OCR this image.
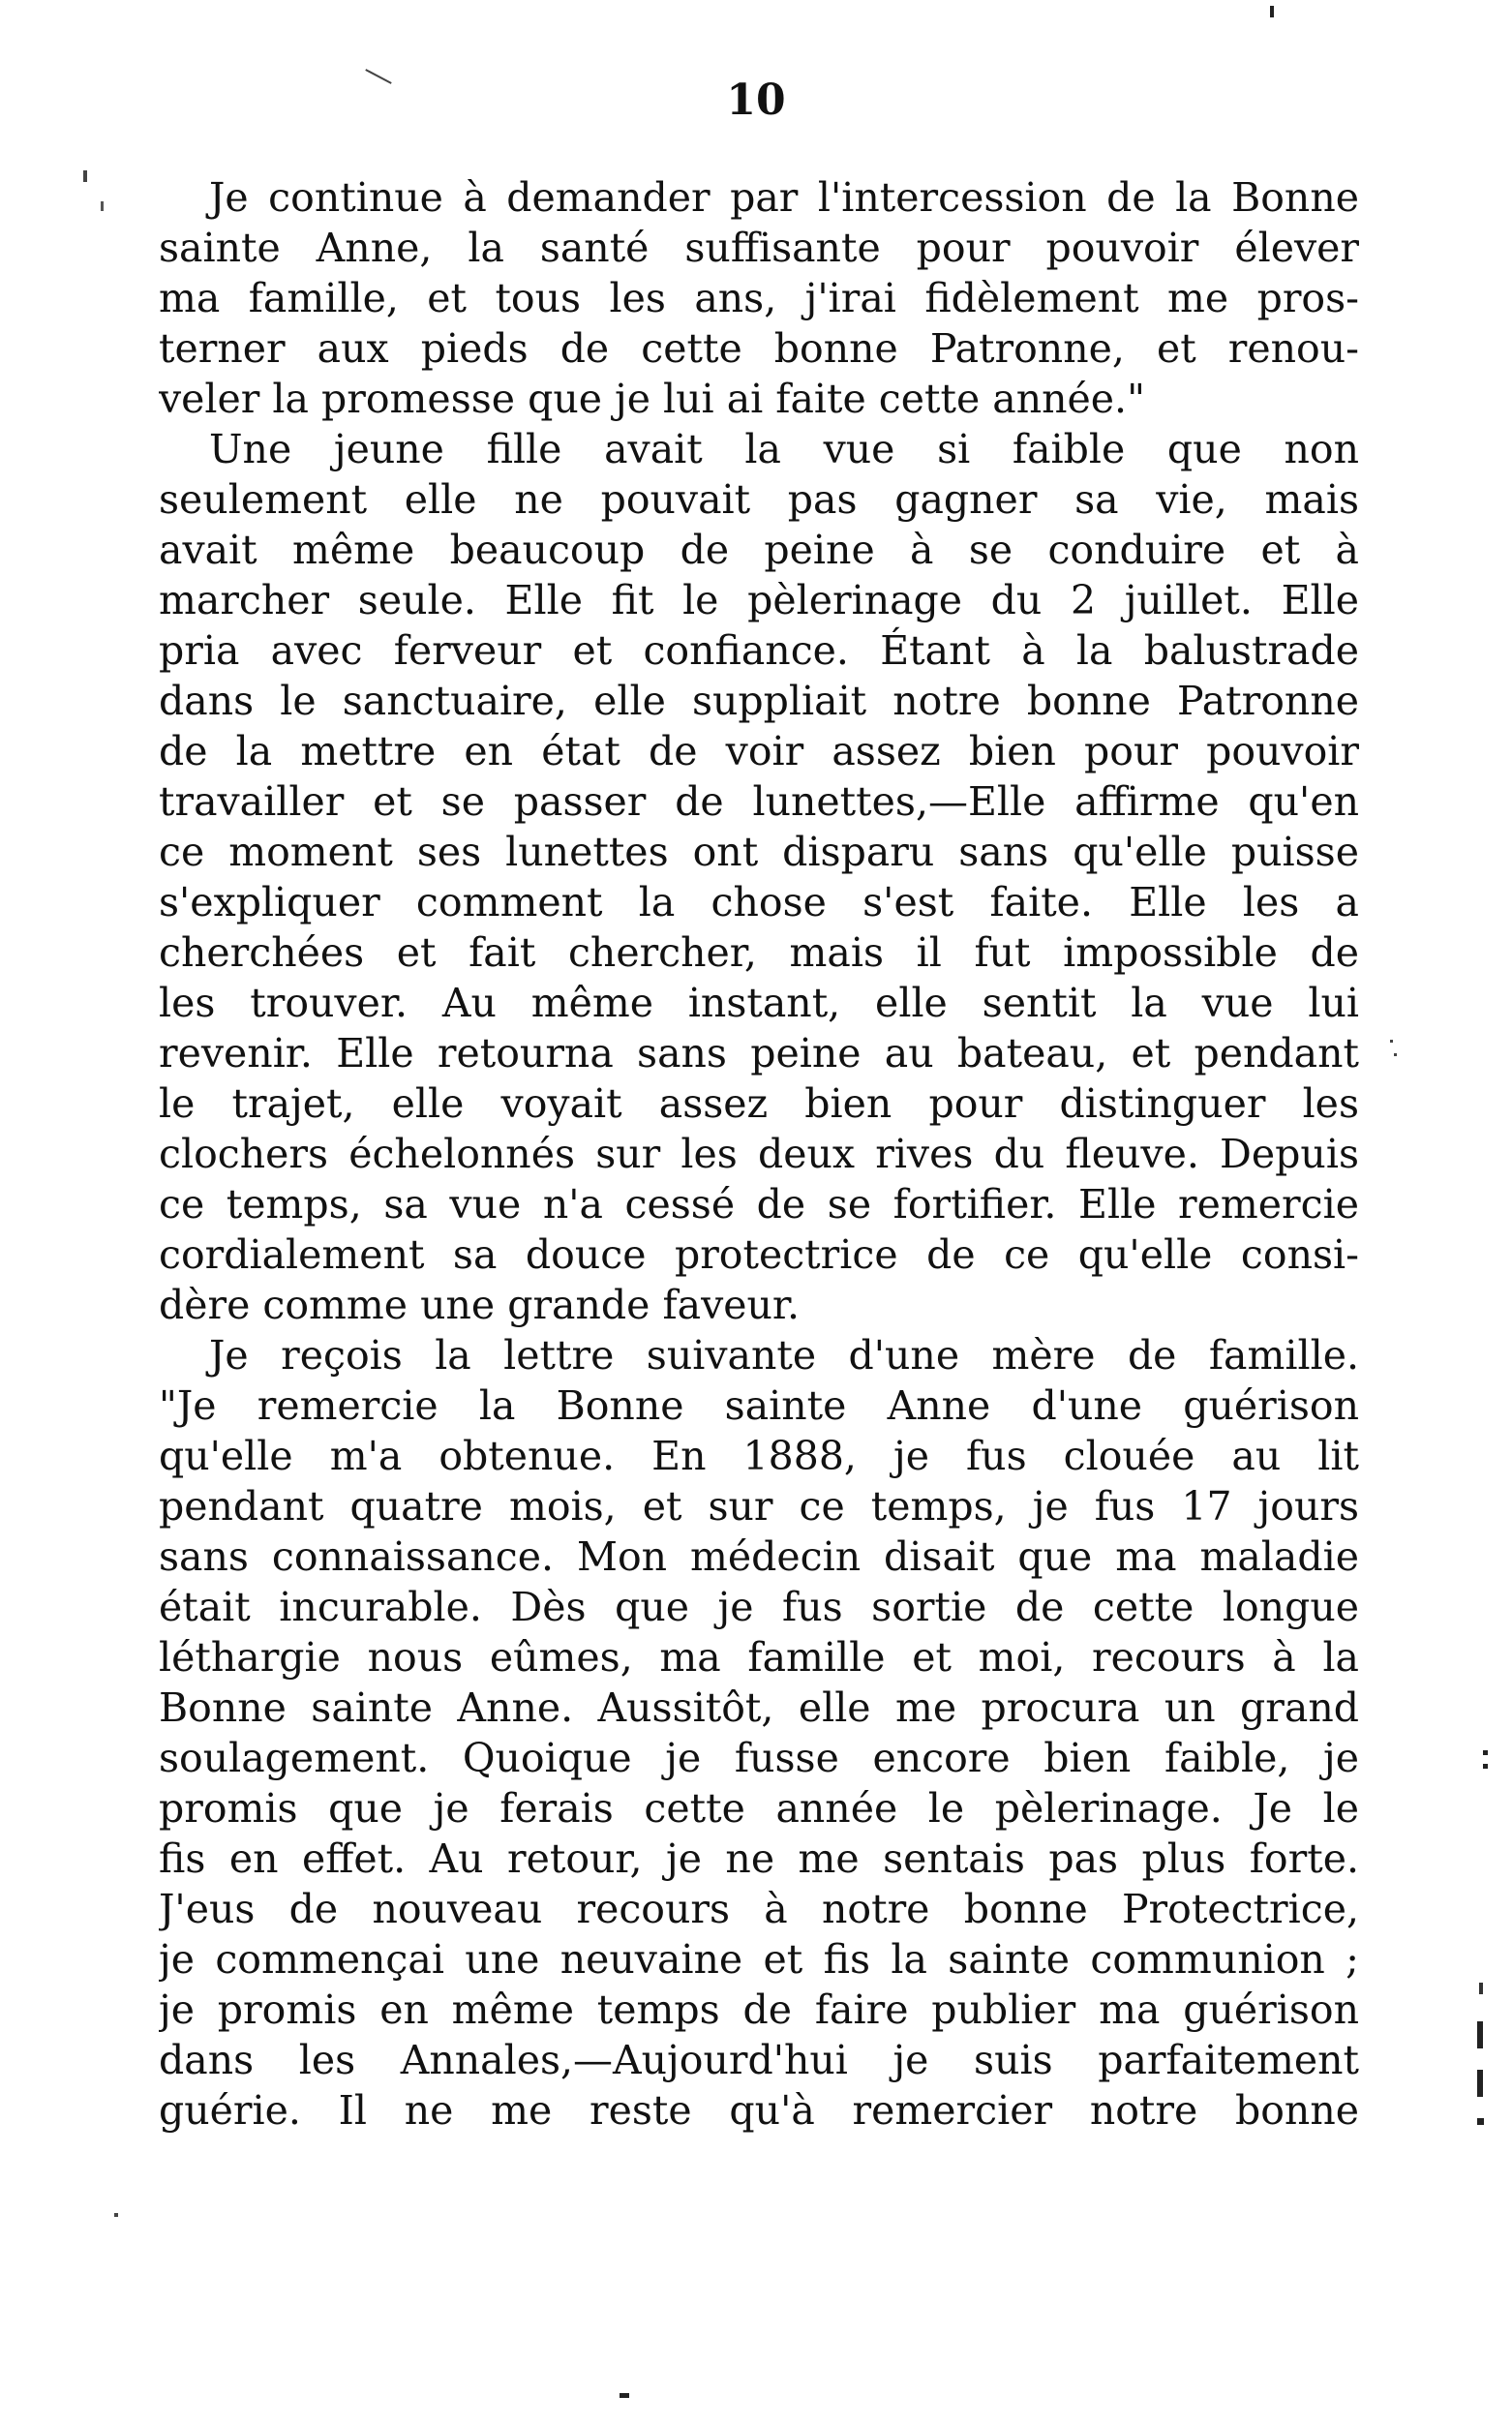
10
Je continue à demander par l'intercession de la Bonne
sainte Anne, la santé suffisante pour pouvoir élever
ma famille, et tous les ans, j'irai fidèlement me pros-
terner aux pieds de cette bonne Patronne, et renou-
veler la promesse que je lui ai faite cette année."
Une jeune fille avait la vue si faible que non
seulement elle ne pouvait pas gagner sa vie, mais
avait même beaucoup de peine à se conduire et à
marcher seule. Elle fit le pèlerinage du 2 juillet. Elle
pria avec ferveur et confiance. Étant à la balustrade
dans le sanctuaire, elle suppliait notre bonne Patronne
de la mettre en état de voir assez bien pour pouvoir
travailler et se passer de lunettes,—Elle affirme qu'en
ce moment ses lunettes ont disparu sans qu'elle puisse
s'expliquer comment la chose s'est faite. Elle les a
cherchées et fait chercher, mais il fut impossible de
les trouver. Au même instant, elle sentit la vue lui
revenir. Elle retourna sans peine au bateau, et pendant
le trajet, elle voyait assez bien pour distinguer les
clochers échelonnés sur les deux rives du fleuve. Depuis
ce temps, sa vue n'a cessé de se fortifier. Elle remercie
cordialement sa douce protectrice de ce qu'elle consi-
dère comme une grande faveur.
Je reçois la lettre suivante d'une mère de famille.
"Je remercie la Bonne sainte Anne d'une guérison
qu'elle m'a obtenue. En 1888, je fus clouée au lit
pendant quatre mois, et sur ce temps, je fus 17 jours
sans connaissance. Mon médecin disait que ma maladie
était incurable. Dès que je fus sortie de cette longue
léthargie nous eûmes, ma famille et moi, recours à la
Bonne sainte Anne. Aussitôt, elle me procura un grand
soulagement. Quoique je fusse encore bien faible, je
promis que je ferais cette année le pèlerinage. Je le
fis en effet. Au retour, je ne me sentais pas plus forte.
J'eus de nouveau recours à notre bonne Protectrice,
je commençai une neuvaine et fis la sainte communion ;
je promis en même temps de faire publier ma guérison
dans les Annales,—Aujourd'hui je suis parfaitement
guérie. Il ne me reste qu'à remercier notre bonne
